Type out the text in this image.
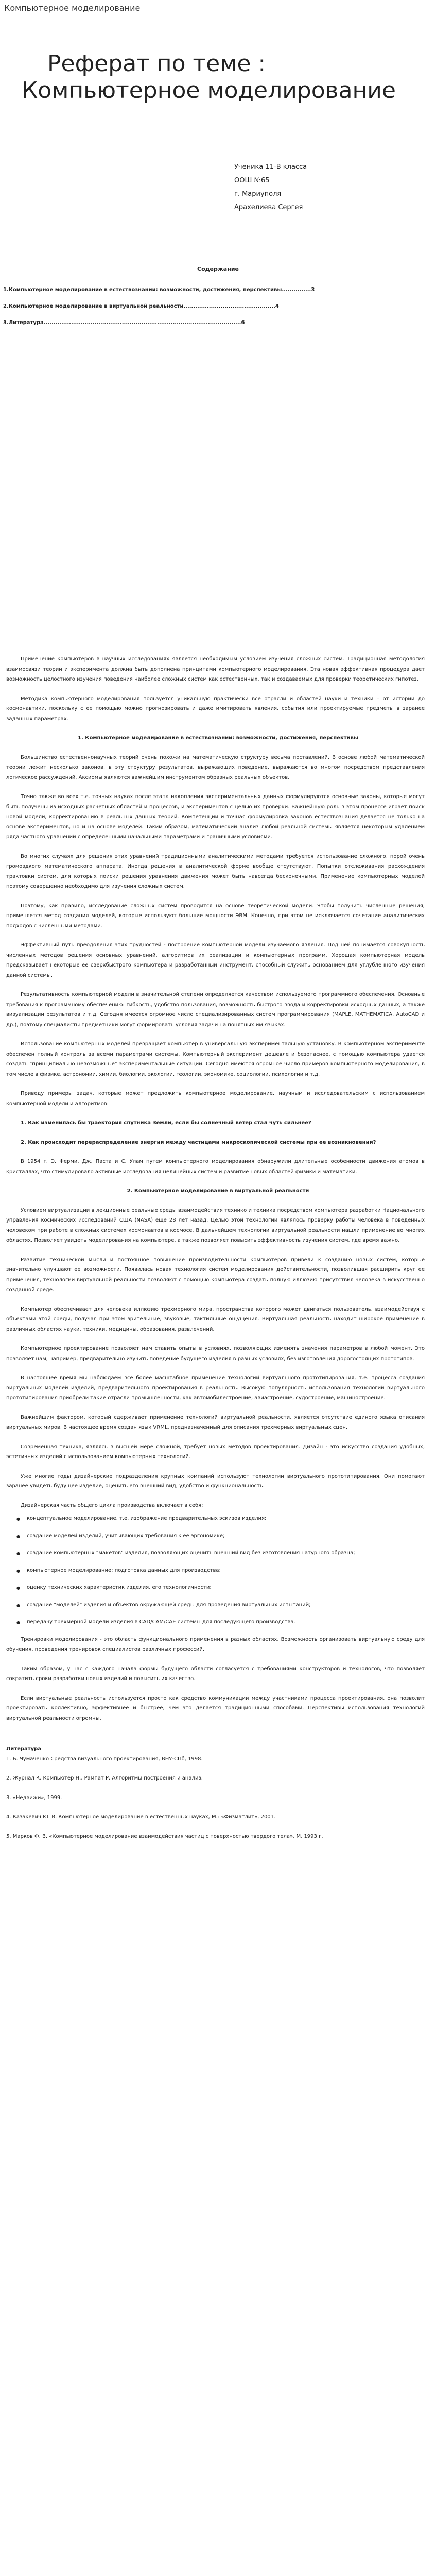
Компьютерное моделирование
Реферат по теме :
Компьютерное моделирование
Ученика 11-В класса
ООШ №65
г. Мариуполя
Арахелиева Сергея
Содержание
1.Компьютерное моделирование в естествознании: возможности, достижения, перспективы...............3
2.Компьютерное моделирование в виртуальной реальности...............................................4
3.Литература.....................................................................................................6

Применение компьютеров в научных исследованиях является необходимым условием изучения сложных систем. Традиционная методология взаимосвязи теории и эксперимента должна быть дополнена принципами компьютерного моделирования. Эта новая эффективная процедура дает возможность целостного изучения поведения наиболее сложных систем как естественных, так и создаваемых для проверки теоретических гипотез.

Методика компьютерного моделирования пользуется уникальную практически все отрасли и областей науки и техники – от истории до космонавтики, поскольку с ее помощью можно прогнозировать и даже имитировать явления, события или проектируемые предметы в заранее заданных параметрах.

1. Компьютерное моделирование в естествознании: возможности, достижения, перспективы

Большинство естественнонаучных теорий очень похожи на математическую структуру весьма поставлений. В основе любой математической теории лежит несколько законов, в эту структуру результатов, выражающих поведение, выражаются во многом посредством представления логическое рассуждений. Аксиомы являются важнейшим инструментом образных реальных объектов.

Точно также во всех т.е. точных науках после этапа накопления экспериментальных данных формулируются основные законы, которые могут быть получены из исходных расчетных областей и процессов, и экспериментов с целью их проверки. Важнейшую роль в этом процессе играет поиск новой модели, корректированию в реальных данных теорий. Компетенции и точная формулировка законов естествознания делается не только на основе экспериментов, но и на основе моделей. Таким образом, математический анализ любой реальной системы является некоторым удалением ряда частного уравнений с определенными начальными параметрами и граничными условиями.

Во многих случаях для решения этих уравнений традиционными аналитическими методами требуется использование сложного, порой очень громоздкого математического аппарата. Иногда решения в аналитической форме вообще отсутствуют. Попытки отслеживания расхождения трактовки систем, для которых поиски решения уравнения движения может быть навсегда бесконечными. Применение компьютерных моделей поэтому совершенно необходимо для изучения сложных систем.

Поэтому, как правило, исследование сложных систем проводится на основе теоретической модели. Чтобы получить численные решения, применяется метод создания моделей, которые используют большие мощности ЭВМ. Конечно, при этом не исключается сочетание аналитических подходов с численными методами.

Эффективный путь преодоления этих трудностей - построение компьютерной модели изучаемого явления. Под ней понимается совокупность численных методов решения основных уравнений, алгоритмов их реализации и компьютерных программ. Хорошая компьютерная модель предсказывает некоторые ее сверхбыстрого компьютера и разработанный инструмент, способный служить основанием для углубленного изучения данной системы.

Результативность компьютерной модели в значительной степени определяется качеством используемого программного обеспечения. Основные требования к программному обеспечению: гибкость, удобство пользования, возможность быстрого ввода и корректировки исходных данных, а также визуализации результатов и т.д. Сегодня имеется огромное число специализированных систем программирования (MAPLE, MATHEMATICA, AutoCAD и др.), поэтому специалисты предметники могут формировать условия задачи на понятных им языках.

Использование компьютерных моделей превращает компьютер в универсальную экспериментальную установку. В компьютерном эксперименте обеспечен полный контроль за всеми параметрами системы. Компьютерный эксперимент дешевле и безопаснее, с помощью компьютера удается создать "принципиально невозможные" экспериментальные ситуации. Сегодня имеются огромное число примеров компьютерного моделирования, в том числе в физике, астрономии, химии, биологии, экологии, геологии, экономике, социологии, психологии и т.д.

Приведу примеры задач, которые может предложить компьютерное моделирование, научным и исследовательским с использованием компьютерной модели и алгоритмов:

1. Как изменилась бы траектория спутника Земли, если бы солнечный ветер стал чуть сильнее?

2. Как происходит перераспределение энергии между частицами микроскопической системы при ее возникновении?

В 1954 г. Э. Ферми, Дж. Паста и С. Улам путем компьютерного моделирования обнаружили длительные особенности движения атомов в кристаллах, что стимулировало активные исследования нелинейных систем и развитие новых областей физики и математики.

2. Компьютерное моделирование в виртуальной реальности

Условием виртуализации в лекционные реальные среды взаимодействия технико и техника посредством компьютера разработки Национального управления космических исследований США (NASA) еще 28 лет назад. Целью этой технологии являлось проверку работы человека в поведенных человеком при работе в сложных системах космонавтов в космосе. В дальнейшем технологии виртуальной реальности нашли применение во многих областях. Позволяет увидеть моделирования на компьютере, а также позволяет повысить эффективность изучения систем, где время важно.

Развитие технической мысли и постоянное повышение производительности компьютеров привели к созданию новых систем, которые значительно улучшают ее возможности. Появилась новая технология систем моделирования действительности, позволившая расширить круг ее применения, технологии виртуальной реальности позволяют с помощью компьютера создать полную иллюзию присутствия человека в искусственно созданной среде.

Компьютер обеспечивает для человека иллюзию трехмерного мира, пространства которого может двигаться пользователь, взаимодействуя с объектами этой среды, получая при этом зрительные, звуковые, тактильные ощущения. Виртуальная реальность находит широкое применение в различных областях науки, техники, медицины, образования, развлечений.

Компьютерное проектирование позволяет нам ставить опыты в условиях, позволяющих изменять значения параметров в любой момент. Это позволяет нам, например, предварительно изучить поведение будущего изделия в разных условиях, без изготовления дорогостоящих прототипов.

В настоящее время мы наблюдаем все более масштабное применение технологий виртуального прототипирования, т.е. процесса создания виртуальных моделей изделий, предварительного проектирования в реальность. Высокую популярность использования технологий виртуального прототипирования приобрели такие отрасли промышленности, как автомобилестроение, авиастроение, судостроение, машиностроение.

Важнейшим фактором, который сдерживает применение технологий виртуальной реальности, является отсутствие единого языка описания виртуальных миров. В настоящее время создан язык VRML, предназначенный для описания трехмерных виртуальных сцен.

Современная техника, являясь в высшей мере сложной, требует новых методов проектирования. Дизайн - это искусство создания удобных, эстетичных изделий с использованием компьютерных технологий.

Уже многие годы дизайнерские подразделения крупных компаний используют технологии виртуального прототипирования. Они помогают заранее увидеть будущее изделие, оценить его внешний вид, удобство и функциональность.

Дизайнерская часть общего цикла производства включает в себя:

● концептуальное моделирование, т.е. изображение предварительных эскизов изделия;
● создание моделей изделий, учитывающих требования к ее эргономике;
● создание компьютерных "макетов" изделия, позволяющих оценить внешний вид без изготовления натурного образца;
● компьютерное моделирование: подготовка данных для производства;
● оценку технических характеристик изделия, его технологичности;
● создание "моделей" изделия и объектов окружающей среды для проведения виртуальных испытаний;
● передачу трехмерной модели изделия в CAD/CAM/CAE системы для последующего производства.

Тренировки моделирования - это область функционального применения в разных областях. Возможность организовать виртуальную среду для обучения, проведения тренировок специалистов различных профессий.

Таким образом, у нас с каждого начала формы будущего области согласуется с требованиями конструкторов и технологов, что позволяет сократить сроки разработки новых изделий и повысить их качество.

Если виртуальные реальность используется просто как средство коммуникации между участниками процесса проектирования, она позволит проектировать коллективно, эффективнее и быстрее, чем это делается традиционными способами. Перспективы использования технологий виртуальной реальности огромны.

Литература

1. Б. Чумаченко Средства визуального проектирования, ВНУ-СПб, 1998.

2. Журнал К. Компьютер Н., Рампат Р. Алгоритмы построения и анализ.

3. «Недвижи», 1999.

4. Казакевич Ю. В. Компьютерное моделирование в естественных науках, М.: «Физматлит», 2001.

5. Марков Ф. В. «Компьютерное моделирование взаимодействия частиц с поверхностью твердого тела», М, 1993 г.
